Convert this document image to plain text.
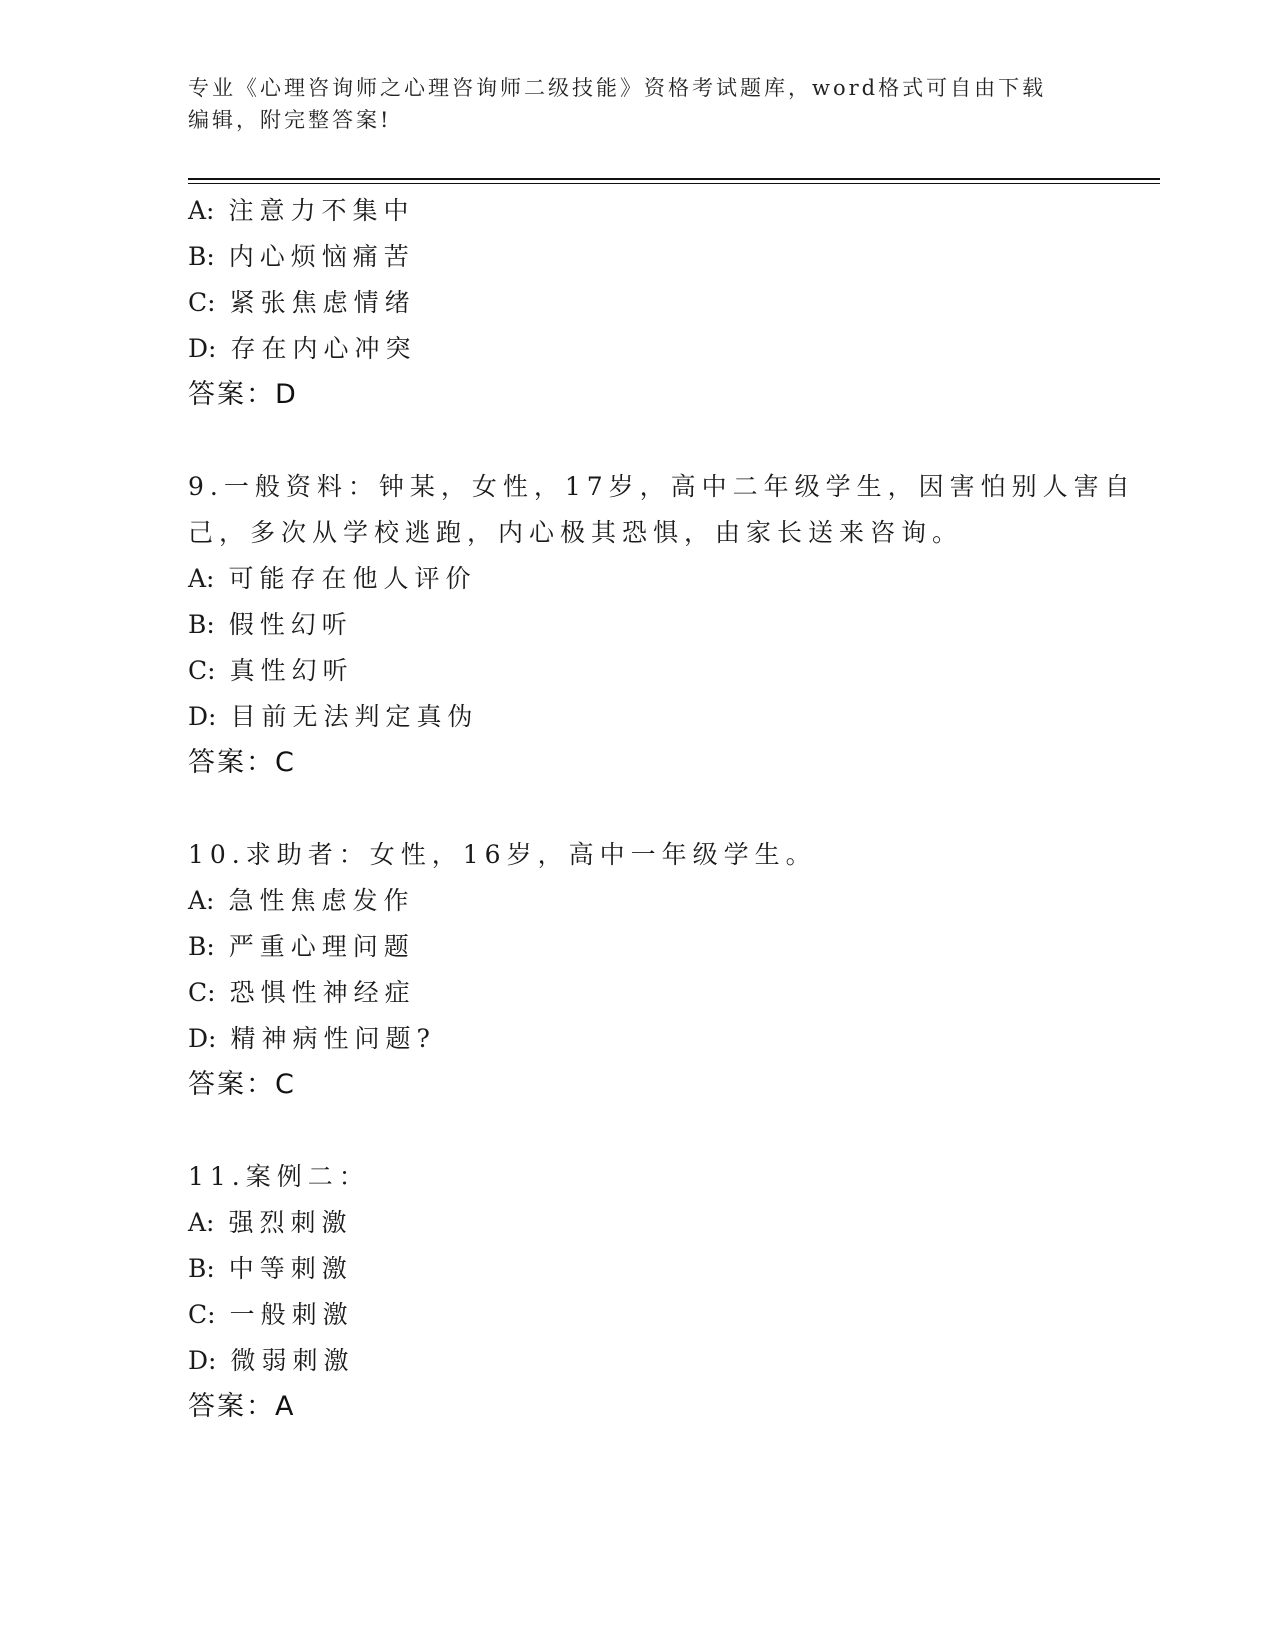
专业《心理咨询师之心理咨询师二级技能》资格考试题库，word格式可自由下载
编辑，附完整答案!
A: 注意力不集中
B: 内心烦恼痛苦
C: 紧张焦虑情绪
D: 存在内心冲突
答案：D
9.一般资料：钟某，女性，17岁，高中二年级学生，因害怕别人害自
己，多次从学校逃跑，内心极其恐惧，由家长送来咨询。
A: 可能存在他人评价
B: 假性幻听
C: 真性幻听
D: 目前无法判定真伪
答案：C
10.求助者：女性，16岁，高中一年级学生。
A: 急性焦虑发作
B: 严重心理问题
C: 恐惧性神经症
D: 精神病性问题?
答案：C
11.案例二：
A: 强烈刺激
B: 中等刺激
C: 一般刺激
D: 微弱刺激
答案：A
